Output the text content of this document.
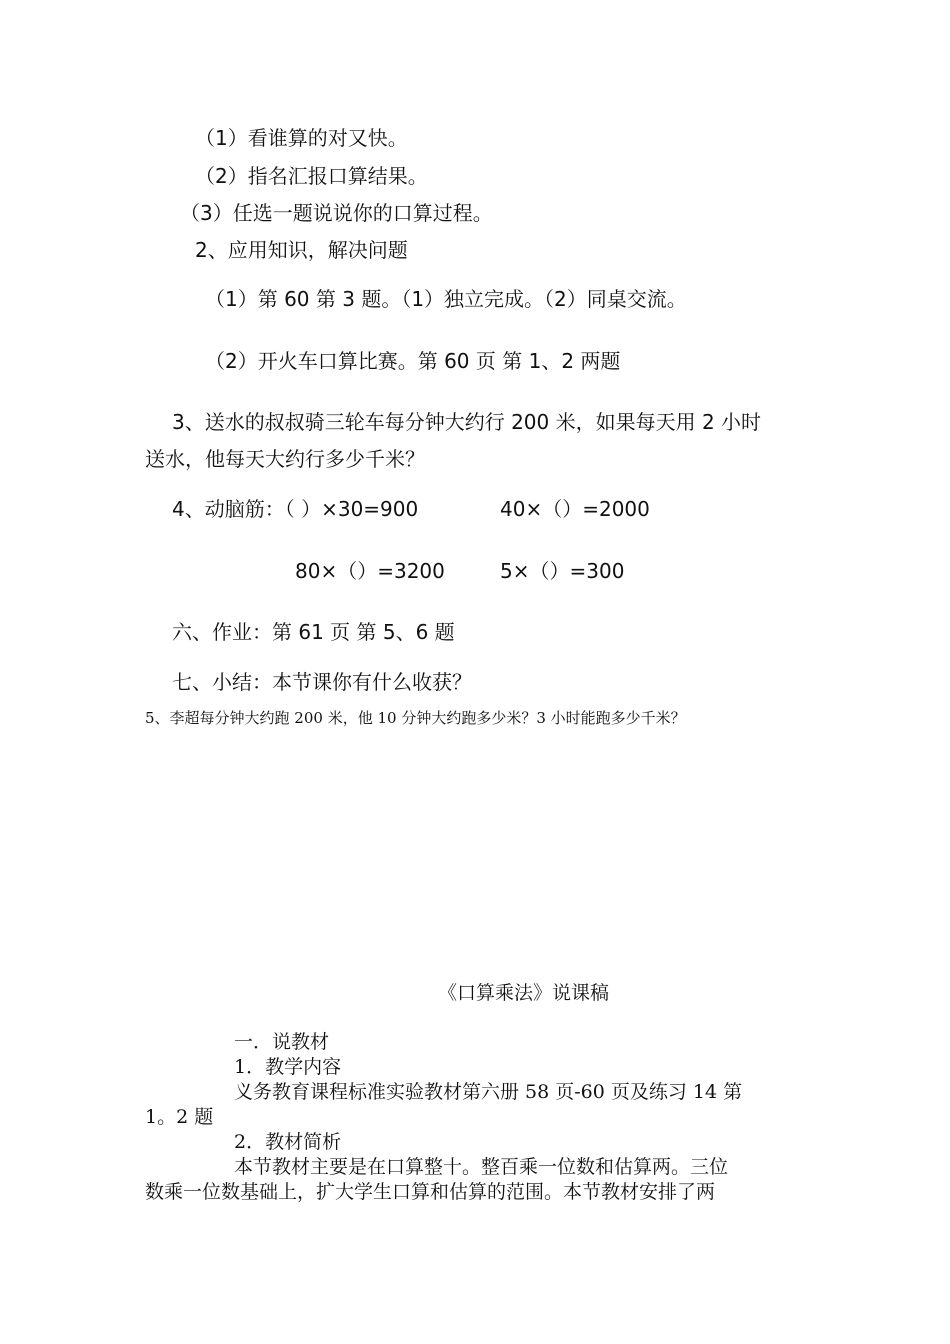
（1）看谁算的对又快。
（2）指名汇报口算结果。
（3）任选一题说说你的口算过程。
2、应用知识，解决问题
（1）第 60 第 3 题。（1）独立完成。（2）同桌交流。
（2）开火车口算比赛。第 60 页 第 1、2 两题
3、送水的叔叔骑三轮车每分钟大约行 200 米，如果每天用 2 小时
送水，他每天大约行多少千米？
4、动脑筋：（ ）×30=900	40×（）=2000
80×（）=3200	5×（）=300
六、作业：第 61 页 第 5、6 题
七、小结：本节课你有什么收获？
5、李超每分钟大约跑 200 米，他 10 分钟大约跑多少米？3 小时能跑多少千米？
《口算乘法》说课稿
一．说教材
1．教学内容
义务教育课程标准实验教材第六册 58 页-60 页及练习 14 第
1。2 题
2．教材简析
本节教材主要是在口算整十。整百乘一位数和估算两。三位
数乘一位数基础上，扩大学生口算和估算的范围。本节教材安排了两
